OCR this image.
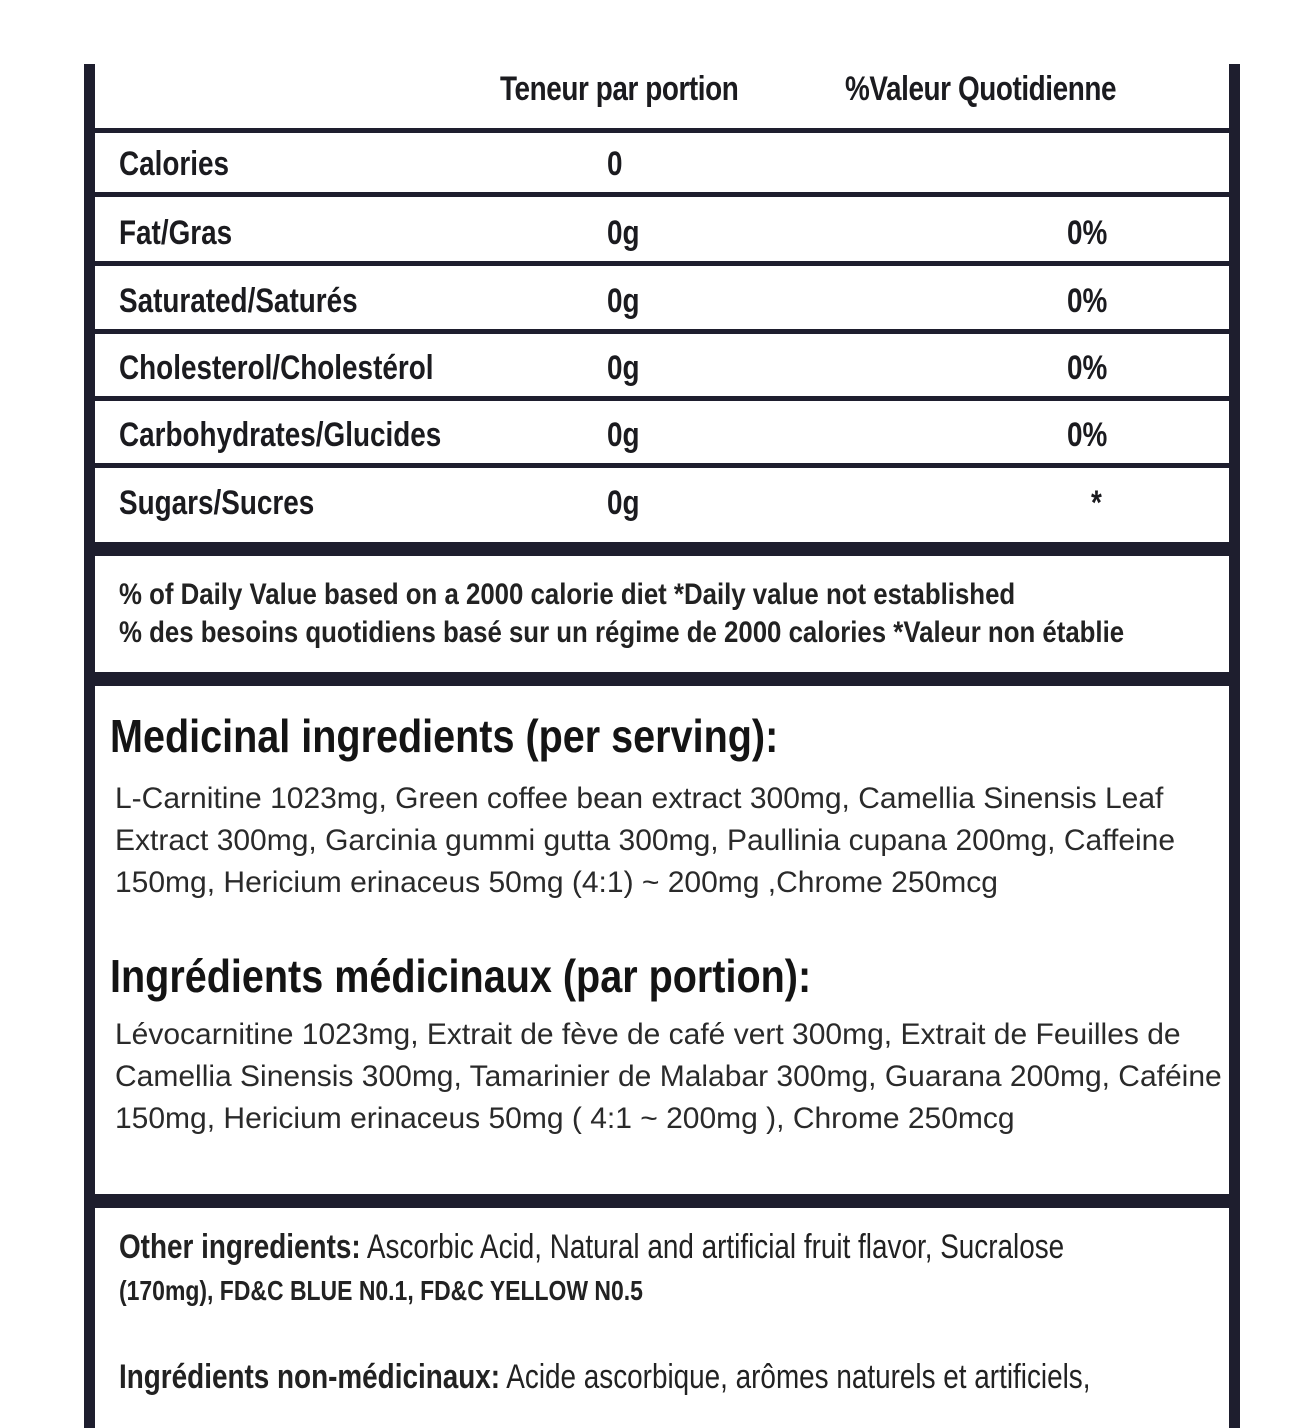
Teneur par portion	%Valeur Quotidienne
Calories	0
Fat/Gras	0g	0%
Saturated/Saturés	0g	0%
Cholesterol/Cholestérol	0g	0%
Carbohydrates/Glucides	0g	0%
Sugars/Sucres	0g	*
% of Daily Value based on a 2000 calorie diet *Daily value not established
% des besoins quotidiens basé sur un régime de 2000 calories *Valeur non établie
Medicinal ingredients (per serving):
L-Carnitine 1023mg, Green coffee bean extract 300mg, Camellia Sinensis Leaf Extract 300mg, Garcinia gummi gutta 300mg, Paullinia cupana 200mg, Caffeine 150mg, Hericium erinaceus 50mg (4:1) ~ 200mg ,Chrome 250mcg
Ingrédients médicinaux (par portion):
Lévocarnitine 1023mg, Extrait de fève de café vert 300mg, Extrait de Feuilles de Camellia Sinensis 300mg, Tamarinier de Malabar 300mg, Guarana 200mg, Caféine 150mg, Hericium erinaceus 50mg ( 4:1 ~ 200mg ), Chrome 250mcg
Other ingredients: Ascorbic Acid, Natural and artificial fruit flavor, Sucralose
(170mg), FD&C BLUE N0.1, FD&C YELLOW N0.5
Ingrédients non-médicinaux: Acide ascorbique, arômes naturels et artificiels,
